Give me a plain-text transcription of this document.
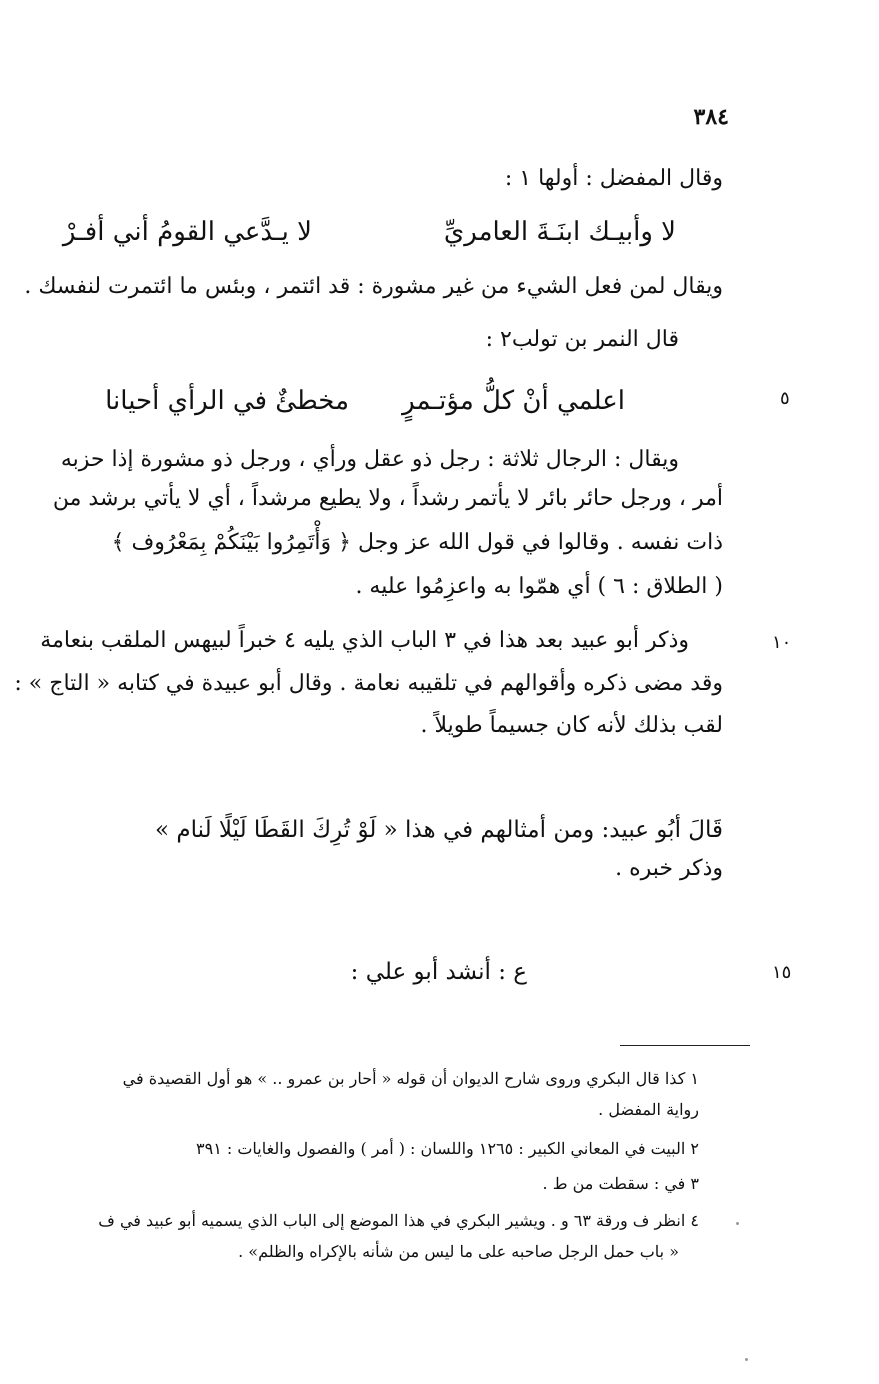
٣٨٤
وقال المفضل : أولها ١ :
لا وأبيـك ابنَـةَ العامريِّ
لا يـدَّعي القومُ أني أفـرْ
ويقال لمن فعل الشيء من غير مشورة : قد ائتمر ، وبئس ما ائتمرت لنفسك .
قال النمر بن تولب٢ :
٥
اعلمي أنْ كلُّ مؤتـمرٍ
مخطئٌ في الرأي أحيانا
ويقال : الرجال ثلاثة : رجل ذو عقل ورأي ، ورجل ذو مشورة إذا حزبه
أمر ، ورجل حائر بائر لا يأتمر رشداً ، ولا يطيع مرشداً ، أي لا يأتي برشد من
ذات نفسه . وقالوا في قول الله عز وجل ﴿ وَأْتَمِرُوا بَيْنَكُمْ بِمَعْرُوف ﴾
( الطلاق : ٦ ) أي همّوا به واعزِمُوا عليه .
١٠
وذكر أبو عبيد بعد هذا في ٣ الباب الذي يليه ٤ خبراً لبيهس الملقب بنعامة
وقد مضى ذكره وأقوالهم في تلقيبه نعامة . وقال أبو عبيدة في كتابه « التاج » :
لقب بذلك لأنه كان جسيماً طويلاً .
قَالَ أبُو عبيد: ومن أمثالهم في هذا « لَوْ تُرِكَ القَطَا لَيْلًا لَنام »
وذكر خبره .
١٥
ع : أنشد أبو علي :
١ كذا قال البكري وروى شارح الديوان أن قوله « أحار بن عمرو .. » هو أول القصيدة في
رواية المفضل .
٢ البيت في المعاني الكبير : ١٢٦٥ واللسان : ( أمر ) والفصول والغايات : ٣٩١
٣ في : سقطت من ط .
٤ انظر ف ورقة ٦٣ و . ويشير البكري في هذا الموضع إلى الباب الذي يسميه أبو عبيد في ف
« باب حمل الرجل صاحبه على ما ليس من شأنه بالإكراه والظلم» .
